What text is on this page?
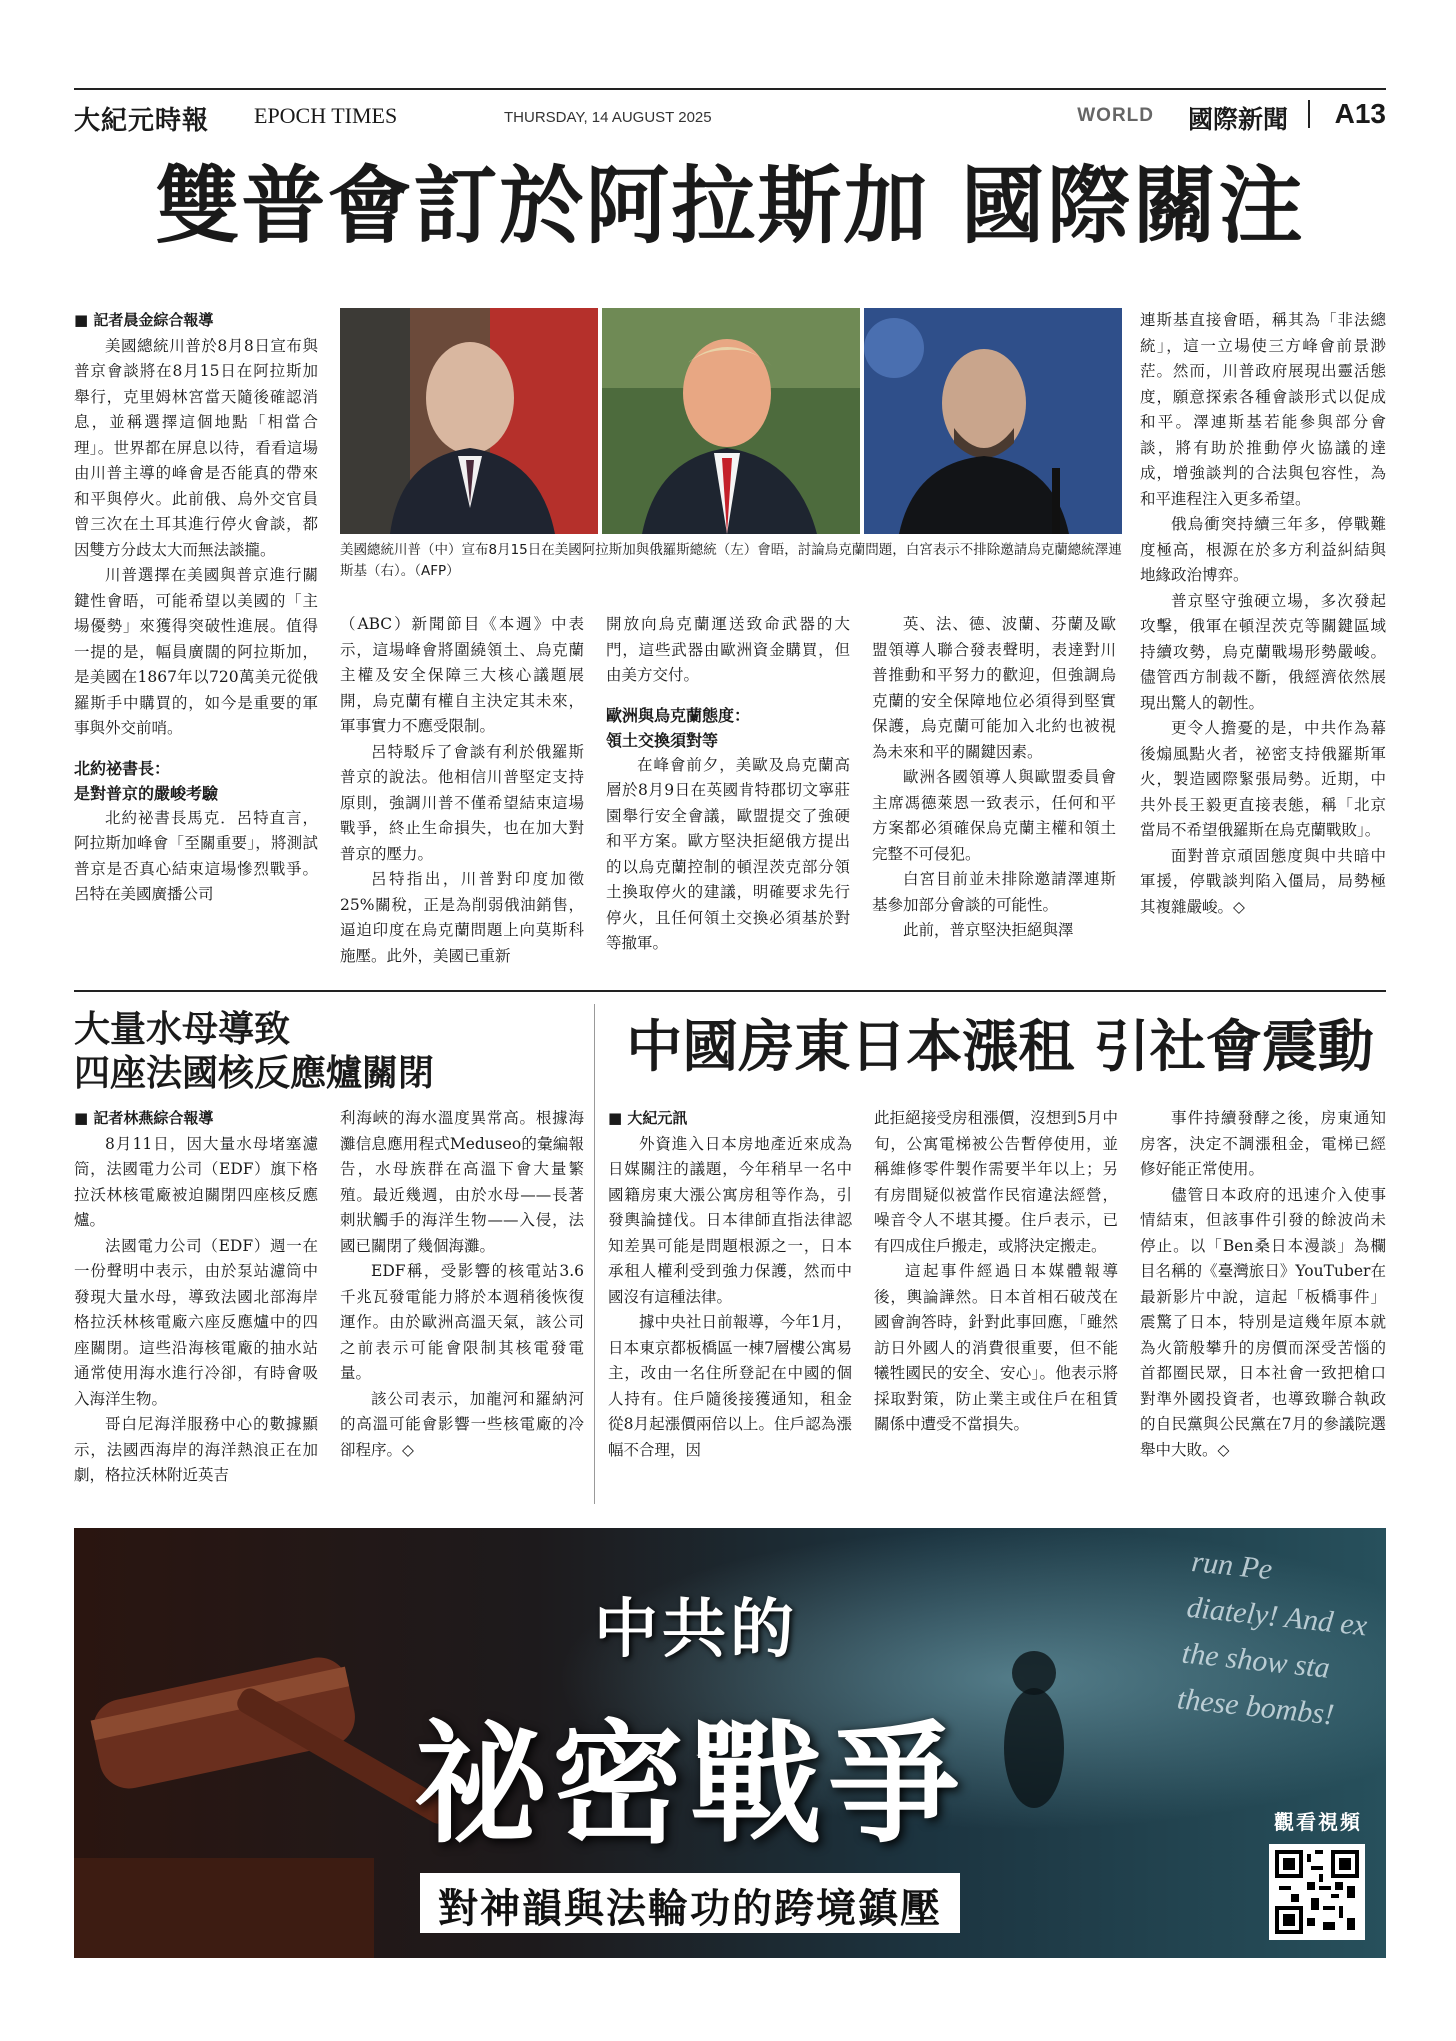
大紀元時報 EPOCH TIMES	THURSDAY, 14 AUGUST 2025	WORLD 國際新聞 A13
雙普會訂於阿拉斯加 國際關注

■ 記者晨金綜合報導

美國總統川普於8月8日宣布與普京會談將在8月15日在阿拉斯加舉行，克里姆林宮當天隨後確認消息，並稱選擇這個地點「相當合理」。世界都在屏息以待，看看這場由川普主導的峰會是否能真的帶來和平與停火。此前俄、烏外交官員曾三次在土耳其進行停火會談，都因雙方分歧太大而無法談攏。

川普選擇在美國與普京進行關鍵性會晤，可能希望以美國的「主場優勢」來獲得突破性進展。值得一提的是，幅員廣闊的阿拉斯加，是美國在1867年以720萬美元從俄羅斯手中購買的，如今是重要的軍事與外交前哨。

北約祕書長：

是對普京的嚴峻考驗

北約祕書長馬克．呂特直言，阿拉斯加峰會「至關重要」，將測試普京是否真心結束這場慘烈戰爭。呂特在美國廣播公司

美國總統川普（中）宣布8月15日在美國阿拉斯加與俄羅斯總統（左）會晤，討論烏克蘭問題，白宮表示不排除邀請烏克蘭總統澤連斯基（右）。（AFP）

（ABC）新聞節目《本週》中表示，這場峰會將圍繞領土、烏克蘭主權及安全保障三大核心議題展開，烏克蘭有權自主決定其未來，軍事實力不應受限制。

呂特駁斥了會談有利於俄羅斯普京的說法。他相信川普堅定支持原則，強調川普不僅希望結束這場戰爭，終止生命損失，也在加大對普京的壓力。

呂特指出，川普對印度加徵25%關稅，正是為削弱俄油銷售，逼迫印度在烏克蘭問題上向莫斯科施壓。此外，美國已重新

開放向烏克蘭運送致命武器的大門，這些武器由歐洲資金購買，但由美方交付。

歐洲與烏克蘭態度：

領土交換須對等

在峰會前夕，美歐及烏克蘭高層於8月9日在英國肯特郡切文寧莊園舉行安全會議，歐盟提交了強硬和平方案。歐方堅決拒絕俄方提出的以烏克蘭控制的頓涅茨克部分領土換取停火的建議，明確要求先行停火，且任何領土交換必須基於對等撤軍。

英、法、德、波蘭、芬蘭及歐盟領導人聯合發表聲明，表達對川普推動和平努力的歡迎，但強調烏克蘭的安全保障地位必須得到堅實保護，烏克蘭可能加入北約也被視為未來和平的關鍵因素。

歐洲各國領導人與歐盟委員會主席馮德萊恩一致表示，任何和平方案都必須確保烏克蘭主權和領土完整不可侵犯。

白宮目前並未排除邀請澤連斯基參加部分會談的可能性。

此前，普京堅決拒絕與澤

連斯基直接會晤，稱其為「非法總統」，這一立場使三方峰會前景渺茫。然而，川普政府展現出靈活態度，願意探索各種會談形式以促成和平。澤連斯基若能參與部分會談，將有助於推動停火協議的達成，增強談判的合法與包容性，為和平進程注入更多希望。

俄烏衝突持續三年多，停戰難度極高，根源在於多方利益糾結與地緣政治博弈。

普京堅守強硬立場，多次發起攻擊，俄軍在頓涅茨克等關鍵區域持續攻勢，烏克蘭戰場形勢嚴峻。儘管西方制裁不斷，俄經濟依然展現出驚人的韌性。

更令人擔憂的是，中共作為幕後煽風點火者，祕密支持俄羅斯軍火，製造國際緊張局勢。近期，中共外長王毅更直接表態，稱「北京當局不希望俄羅斯在烏克蘭戰敗」。

面對普京頑固態度與中共暗中軍援，停戰談判陷入僵局，局勢極其複雜嚴峻。◇

大量水母導致
四座法國核反應爐關閉

■ 記者林燕綜合報導

8月11日，因大量水母堵塞濾筒，法國電力公司（EDF）旗下格拉沃林核電廠被迫關閉四座核反應爐。

法國電力公司（EDF）週一在一份聲明中表示，由於泵站濾筒中發現大量水母，導致法國北部海岸格拉沃林核電廠六座反應爐中的四座關閉。這些沿海核電廠的抽水站通常使用海水進行冷卻，有時會吸入海洋生物。

哥白尼海洋服務中心的數據顯示，法國西海岸的海洋熱浪正在加劇，格拉沃林附近英吉

利海峽的海水溫度異常高。根據海灘信息應用程式Meduseo的彙編報告，水母族群在高溫下會大量繁殖。最近幾週，由於水母——長著刺狀觸手的海洋生物——入侵，法國已關閉了幾個海灘。

EDF稱，受影響的核電站3.6千兆瓦發電能力將於本週稍後恢復運作。由於歐洲高溫天氣，該公司之前表示可能會限制其核電發電量。

該公司表示，加龍河和羅納河的高溫可能會影響一些核電廠的冷卻程序。◇

中國房東日本漲租 引社會震動

■ 大紀元訊

外資進入日本房地產近來成為日媒關注的議題，今年稍早一名中國籍房東大漲公寓房租等作為，引發輿論撻伐。日本律師直指法律認知差異可能是問題根源之一，日本承租人權利受到強力保護，然而中國沒有這種法律。

據中央社日前報導，今年1月，日本東京都板橋區一棟7層樓公寓易主，改由一名住所登記在中國的個人持有。住戶隨後接獲通知，租金從8月起漲價兩倍以上。住戶認為漲幅不合理，因

此拒絕接受房租漲價，沒想到5月中旬，公寓電梯被公告暫停使用，並稱維修零件製作需要半年以上；另有房間疑似被當作民宿違法經營，噪音令人不堪其擾。住戶表示，已有四成住戶搬走，或將決定搬走。

這起事件經過日本媒體報導後，輿論譁然。日本首相石破茂在國會詢答時，針對此事回應，「雖然訪日外國人的消費很重要，但不能犧牲國民的安全、安心」。他表示將採取對策，防止業主或住戶在租賃關係中遭受不當損失。

事件持續發酵之後，房東通知房客，決定不調漲租金，電梯已經修好能正常使用。

儘管日本政府的迅速介入使事情結束，但該事件引發的餘波尚未停止。以「Ben桑日本漫談」為欄目名稱的《臺灣旅日》YouTuber在最新影片中說，這起「板橋事件」震驚了日本，特別是這幾年原本就為火箭般攀升的房價而深受苦惱的首都圈民眾，日本社會一致把槍口對準外國投資者，也導致聯合執政的自民黨與公民黨在7月的參議院選舉中大敗。◇

run Pe
diately! And ex
the show sta
these bombs!
中共的
祕密戰爭
對神韻與法輪功的跨境鎮壓
觀看視頻
